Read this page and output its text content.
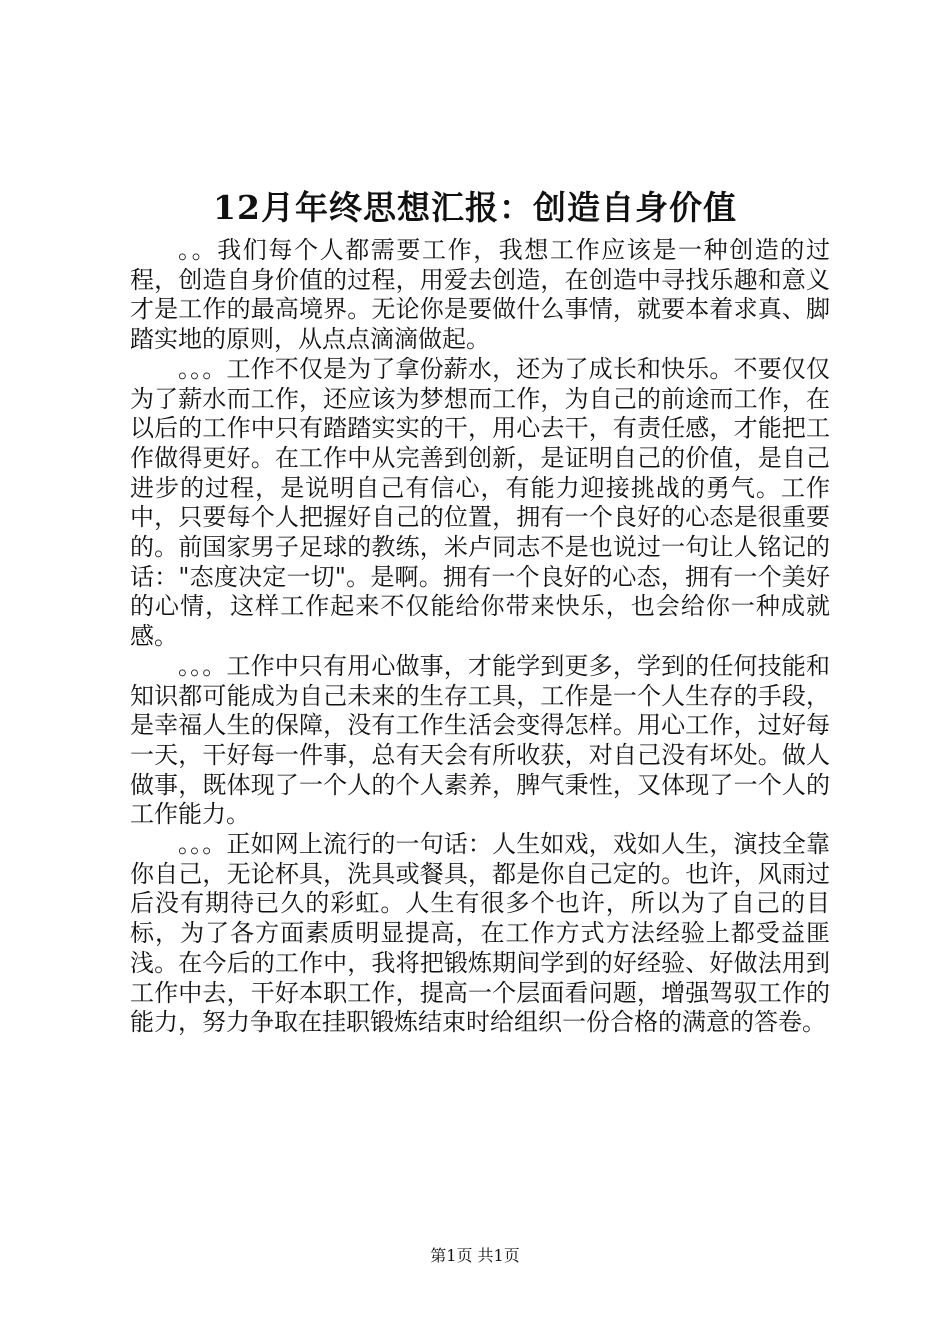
12月年终思想汇报：创造自身价值

。。我们每个人都需要工作，我想工作应该是一种创造的过程，创造自身价值的过程，用爱去创造，在创造中寻找乐趣和意义才是工作的最高境界。无论你是要做什么事情，就要本着求真、脚踏实地的原则，从点点滴滴做起。

。。。工作不仅是为了拿份薪水，还为了成长和快乐。不要仅仅为了薪水而工作，还应该为梦想而工作，为自己的前途而工作，在以后的工作中只有踏踏实实的干，用心去干，有责任感，才能把工作做得更好。在工作中从完善到创新，是证明自己的价值，是自己进步的过程，是说明自己有信心，有能力迎接挑战的勇气。工作中，只要每个人把握好自己的位置，拥有一个良好的心态是很重要的。前国家男子足球的教练，米卢同志不是也说过一句让人铭记的话："态度决定一切"。是啊。拥有一个良好的心态，拥有一个美好的心情，这样工作起来不仅能给你带来快乐，也会给你一种成就感。

。。。工作中只有用心做事，才能学到更多，学到的任何技能和知识都可能成为自己未来的生存工具，工作是一个人生存的手段，是幸福人生的保障，没有工作生活会变得怎样。用心工作，过好每一天，干好每一件事，总有天会有所收获，对自己没有坏处。做人做事，既体现了一个人的个人素养，脾气秉性，又体现了一个人的工作能力。

。。。正如网上流行的一句话：人生如戏，戏如人生，演技全靠你自己，无论杯具，洗具或餐具，都是你自己定的。也许，风雨过后没有期待已久的彩虹。人生有很多个也许，所以为了自己的目标，为了各方面素质明显提高，在工作方式方法经验上都受益匪浅。在今后的工作中，我将把锻炼期间学到的好经验、好做法用到工作中去，干好本职工作，提高一个层面看问题，增强驾驭工作的能力，努力争取在挂职锻炼结束时给组织一份合格的满意的答卷。

第1页 共1页
